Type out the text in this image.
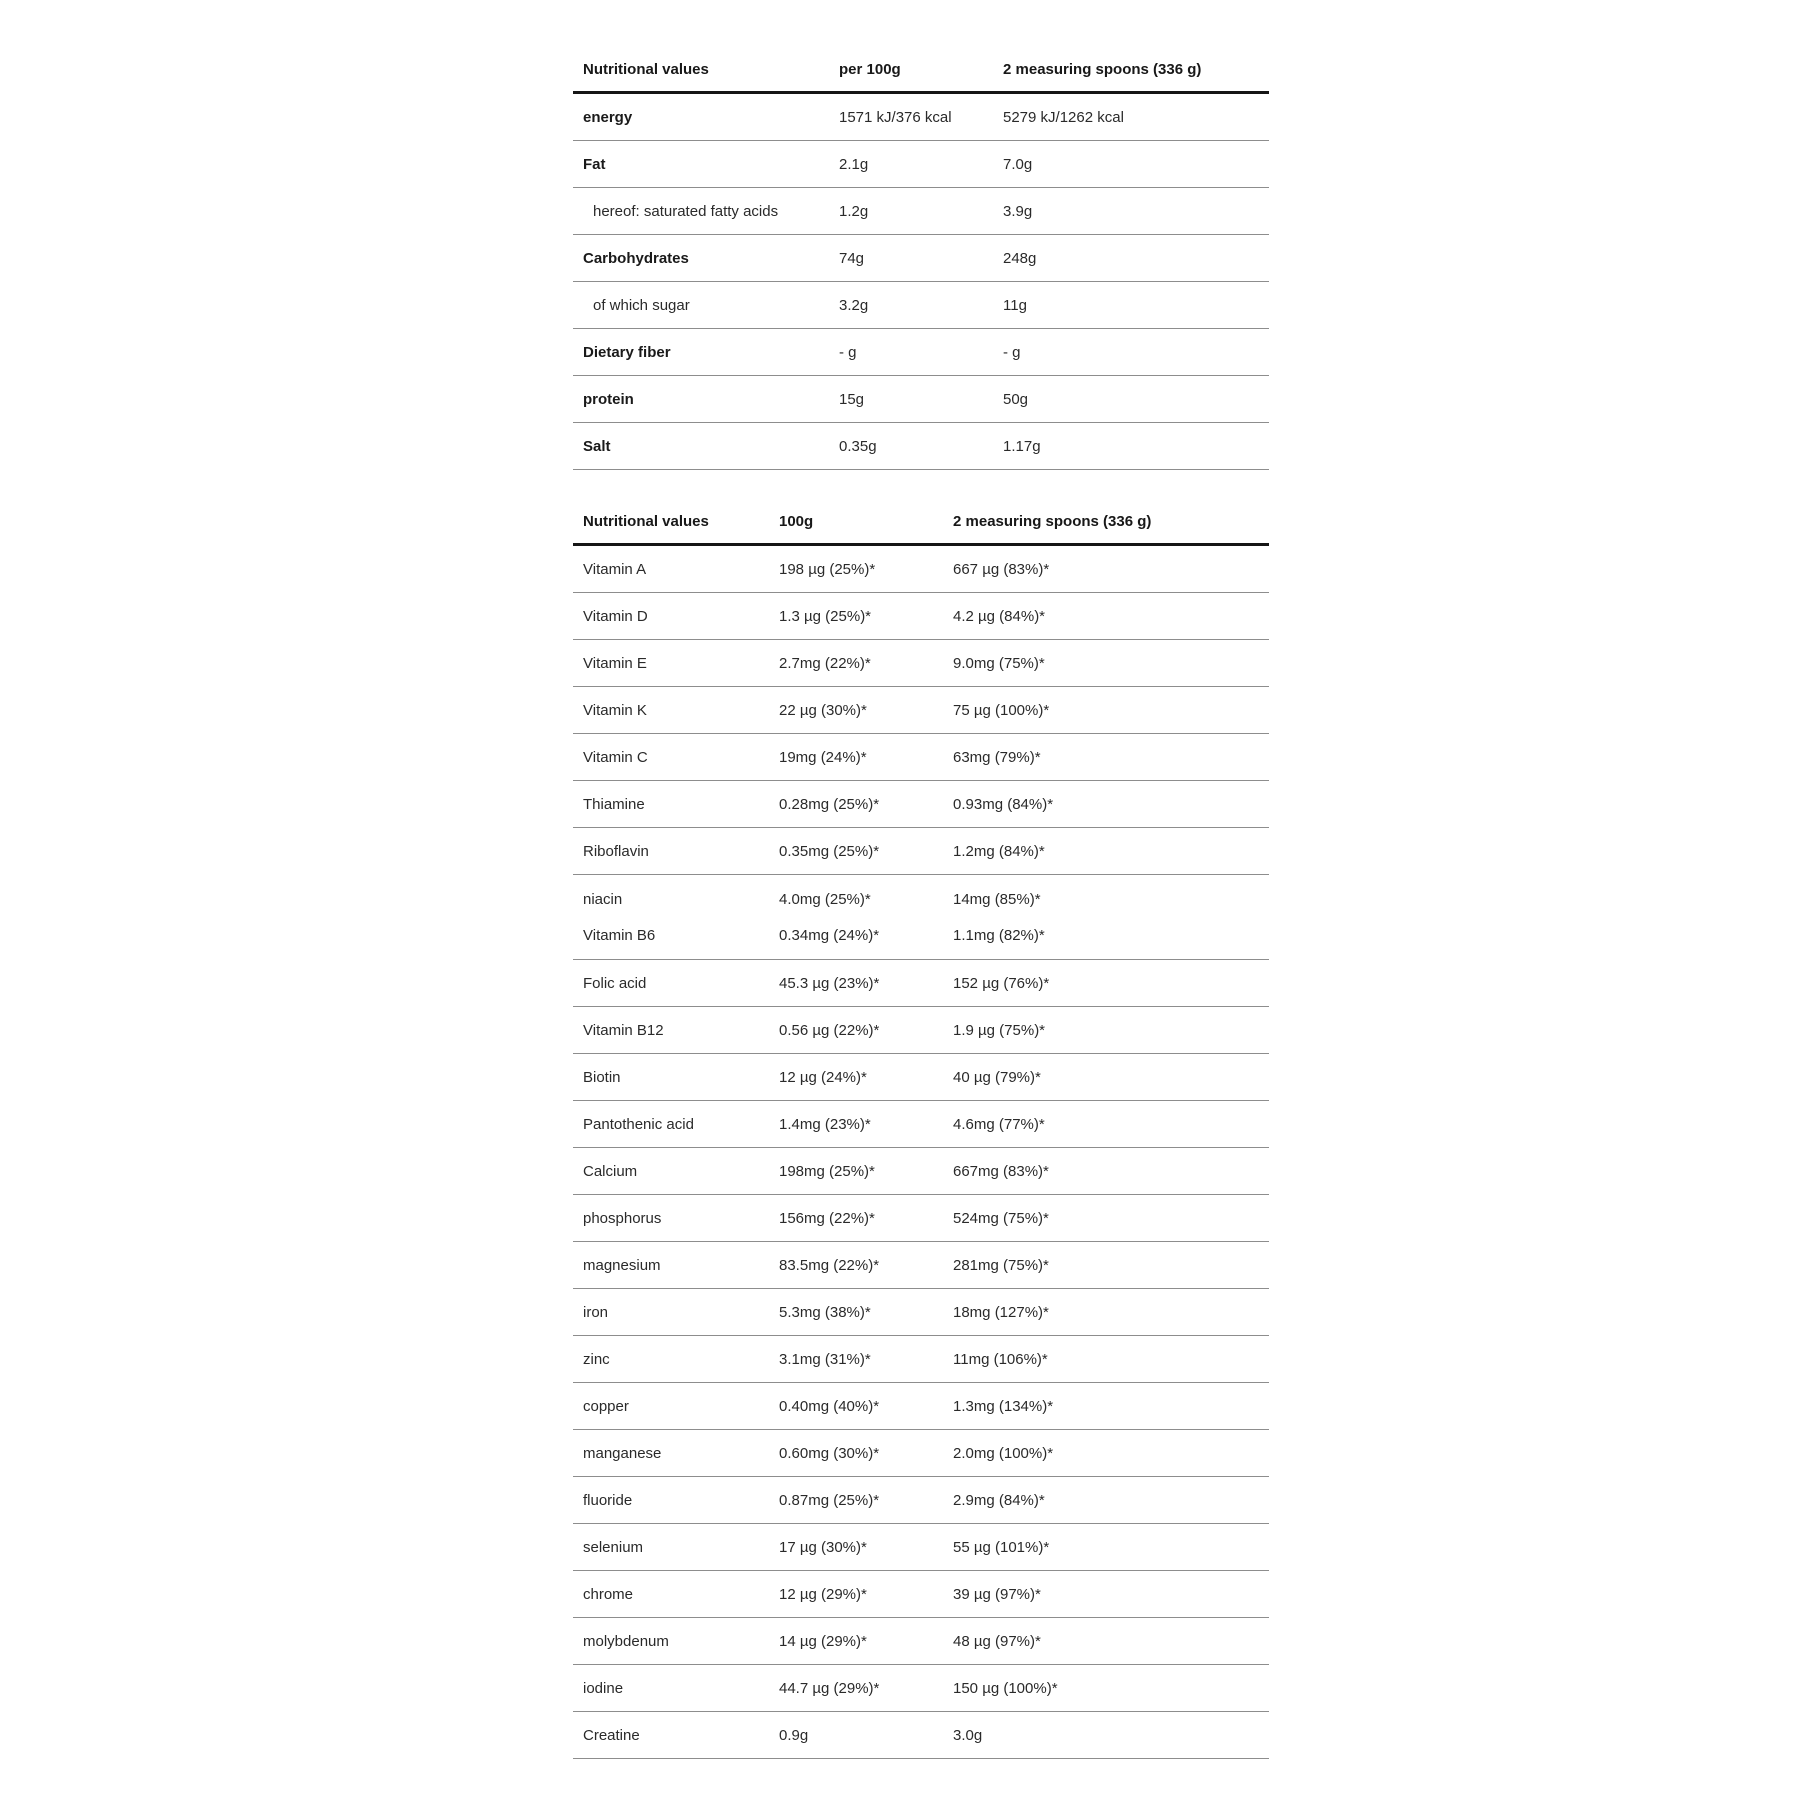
Nutritional values	per 100g	2 measuring spoons (336 g)
energy	1571 kJ/376 kcal	5279 kJ/1262 kcal
Fat	2.1g	7.0g
hereof: saturated fatty acids	1.2g	3.9g
Carbohydrates	74g	248g
of which sugar	3.2g	11g
Dietary fiber	- g	- g
protein	15g	50g
Salt	0.35g	1.17g
Nutritional values	100g	2 measuring spoons (336 g)
Vitamin A	198 µg (25%)*	667 µg (83%)*
Vitamin D	1.3 µg (25%)*	4.2 µg (84%)*
Vitamin E	2.7mg (22%)*	9.0mg (75%)*
Vitamin K	22 µg (30%)*	75 µg (100%)*
Vitamin C	19mg (24%)*	63mg (79%)*
Thiamine	0.28mg (25%)*	0.93mg (84%)*
Riboflavin	0.35mg (25%)*	1.2mg (84%)*
niacin	4.0mg (25%)*	14mg (85%)*
Vitamin B6	0.34mg (24%)*	1.1mg (82%)*
Folic acid	45.3 µg (23%)*	152 µg (76%)*
Vitamin B12	0.56 µg (22%)*	1.9 µg (75%)*
Biotin	12 µg (24%)*	40 µg (79%)*
Pantothenic acid	1.4mg (23%)*	4.6mg (77%)*
Calcium	198mg (25%)*	667mg (83%)*
phosphorus	156mg (22%)*	524mg (75%)*
magnesium	83.5mg (22%)*	281mg (75%)*
iron	5.3mg (38%)*	18mg (127%)*
zinc	3.1mg (31%)*	11mg (106%)*
copper	0.40mg (40%)*	1.3mg (134%)*
manganese	0.60mg (30%)*	2.0mg (100%)*
fluoride	0.87mg (25%)*	2.9mg (84%)*
selenium	17 µg (30%)*	55 µg (101%)*
chrome	12 µg (29%)*	39 µg (97%)*
molybdenum	14 µg (29%)*	48 µg (97%)*
iodine	44.7 µg (29%)*	150 µg (100%)*
Creatine	0.9g	3.0g
